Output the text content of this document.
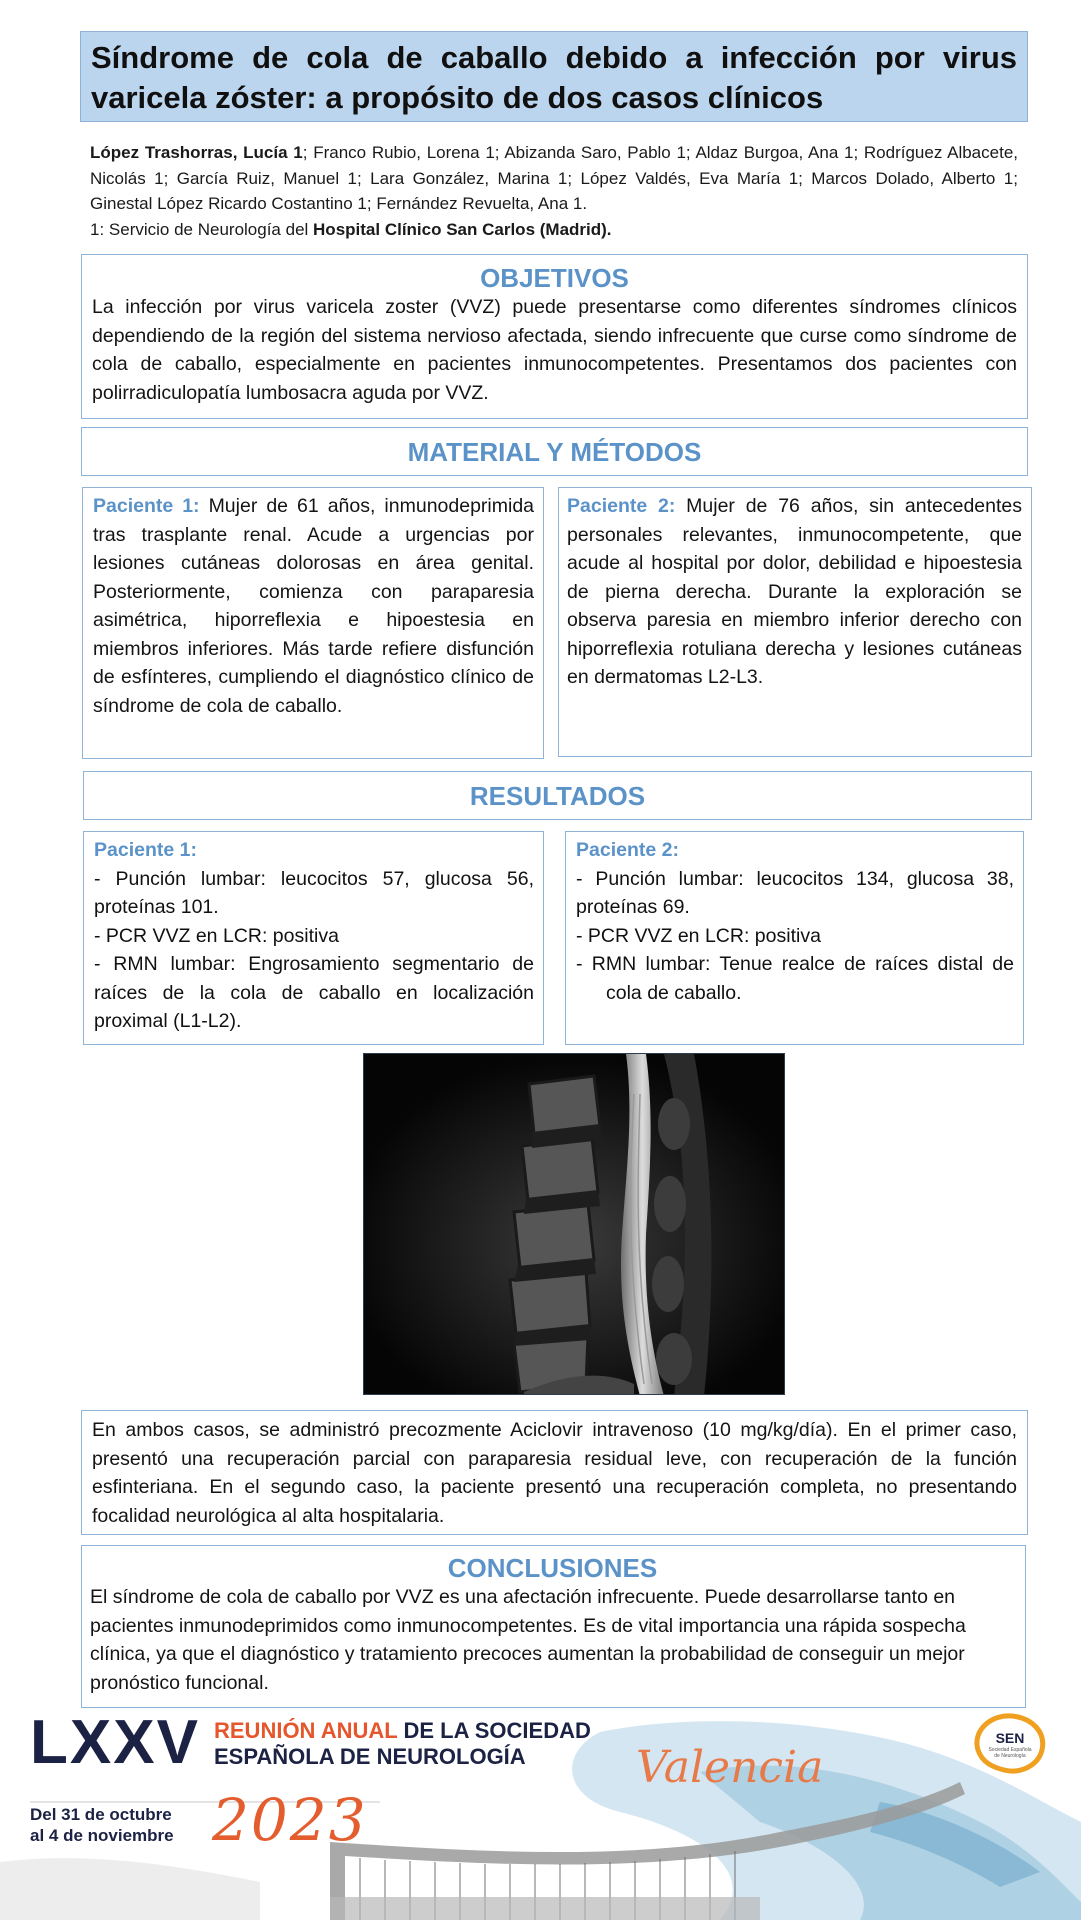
Síndrome de cola de caballo debido a infección por virus varicela zóster: a propósito de dos casos clínicos
López Trashorras, Lucía 1; Franco Rubio, Lorena 1; Abizanda Saro, Pablo 1; Aldaz Burgoa, Ana 1; Rodríguez Albacete, Nicolás 1; García Ruiz, Manuel 1; Lara González, Marina 1; López Valdés, Eva María 1; Marcos Dolado, Alberto 1; Ginestal López Ricardo Costantino 1; Fernández Revuelta, Ana 1.
1: Servicio de Neurología del Hospital Clínico San Carlos (Madrid).
OBJETIVOS
La infección por virus varicela zoster (VVZ) puede presentarse como diferentes síndromes clínicos dependiendo de la región del sistema nervioso afectada, siendo infrecuente que curse como síndrome de cola de caballo, especialmente en pacientes inmunocompetentes. Presentamos dos pacientes con polirradiculopatía lumbosacra aguda por VVZ.
MATERIAL Y MÉTODOS
Paciente 1: Mujer de 61 años, inmunodeprimida tras trasplante renal. Acude a urgencias por lesiones cutáneas dolorosas en área genital. Posteriormente, comienza con paraparesia asimétrica, hiporreflexia e hipoestesia en miembros inferiores. Más tarde refiere disfunción de esfínteres, cumpliendo el diagnóstico clínico de síndrome de cola de caballo.
Paciente 2: Mujer de 76 años, sin antecedentes personales relevantes, inmunocompetente, que acude al hospital por dolor, debilidad e hipoestesia de pierna derecha. Durante la exploración se observa paresia en miembro inferior derecho con hiporreflexia rotuliana derecha y lesiones cutáneas en dermatomas L2-L3.
RESULTADOS
Paciente 1:
- Punción lumbar: leucocitos 57, glucosa 56, proteínas 101.
- PCR VVZ en LCR: positiva
- RMN lumbar: Engrosamiento segmentario de raíces de la cola de caballo en localización proximal (L1-L2).
Paciente 2:
- Punción lumbar: leucocitos 134, glucosa 38, proteínas 69.
- PCR VVZ en LCR: positiva
- RMN lumbar: Tenue realce de raíces distal de cola de caballo.
En ambos casos, se administró precozmente Aciclovir intravenoso (10 mg/kg/día). En el primer caso, presentó una recuperación parcial con paraparesia residual leve, con recuperación de la función esfinteriana. En el segundo caso, la paciente presentó una recuperación completa, no presentando focalidad neurológica al alta hospitalaria.
CONCLUSIONES
El síndrome de cola de caballo por VVZ es una afectación infrecuente. Puede desarrollarse tanto en pacientes inmunodeprimidos como inmunocompetentes. Es de vital importancia una rápida sospecha clínica, ya que el diagnóstico y tratamiento precoces aumentan la probabilidad de conseguir un mejor pronóstico funcional.
LXXV REUNIÓN ANUAL DE LA SOCIEDAD
ESPAÑOLA DE NEUROLOGÍA	Valencia
Del 31 de octubre
al 4 de noviembre 2023
SEN
Sociedad Española
de Neurología
